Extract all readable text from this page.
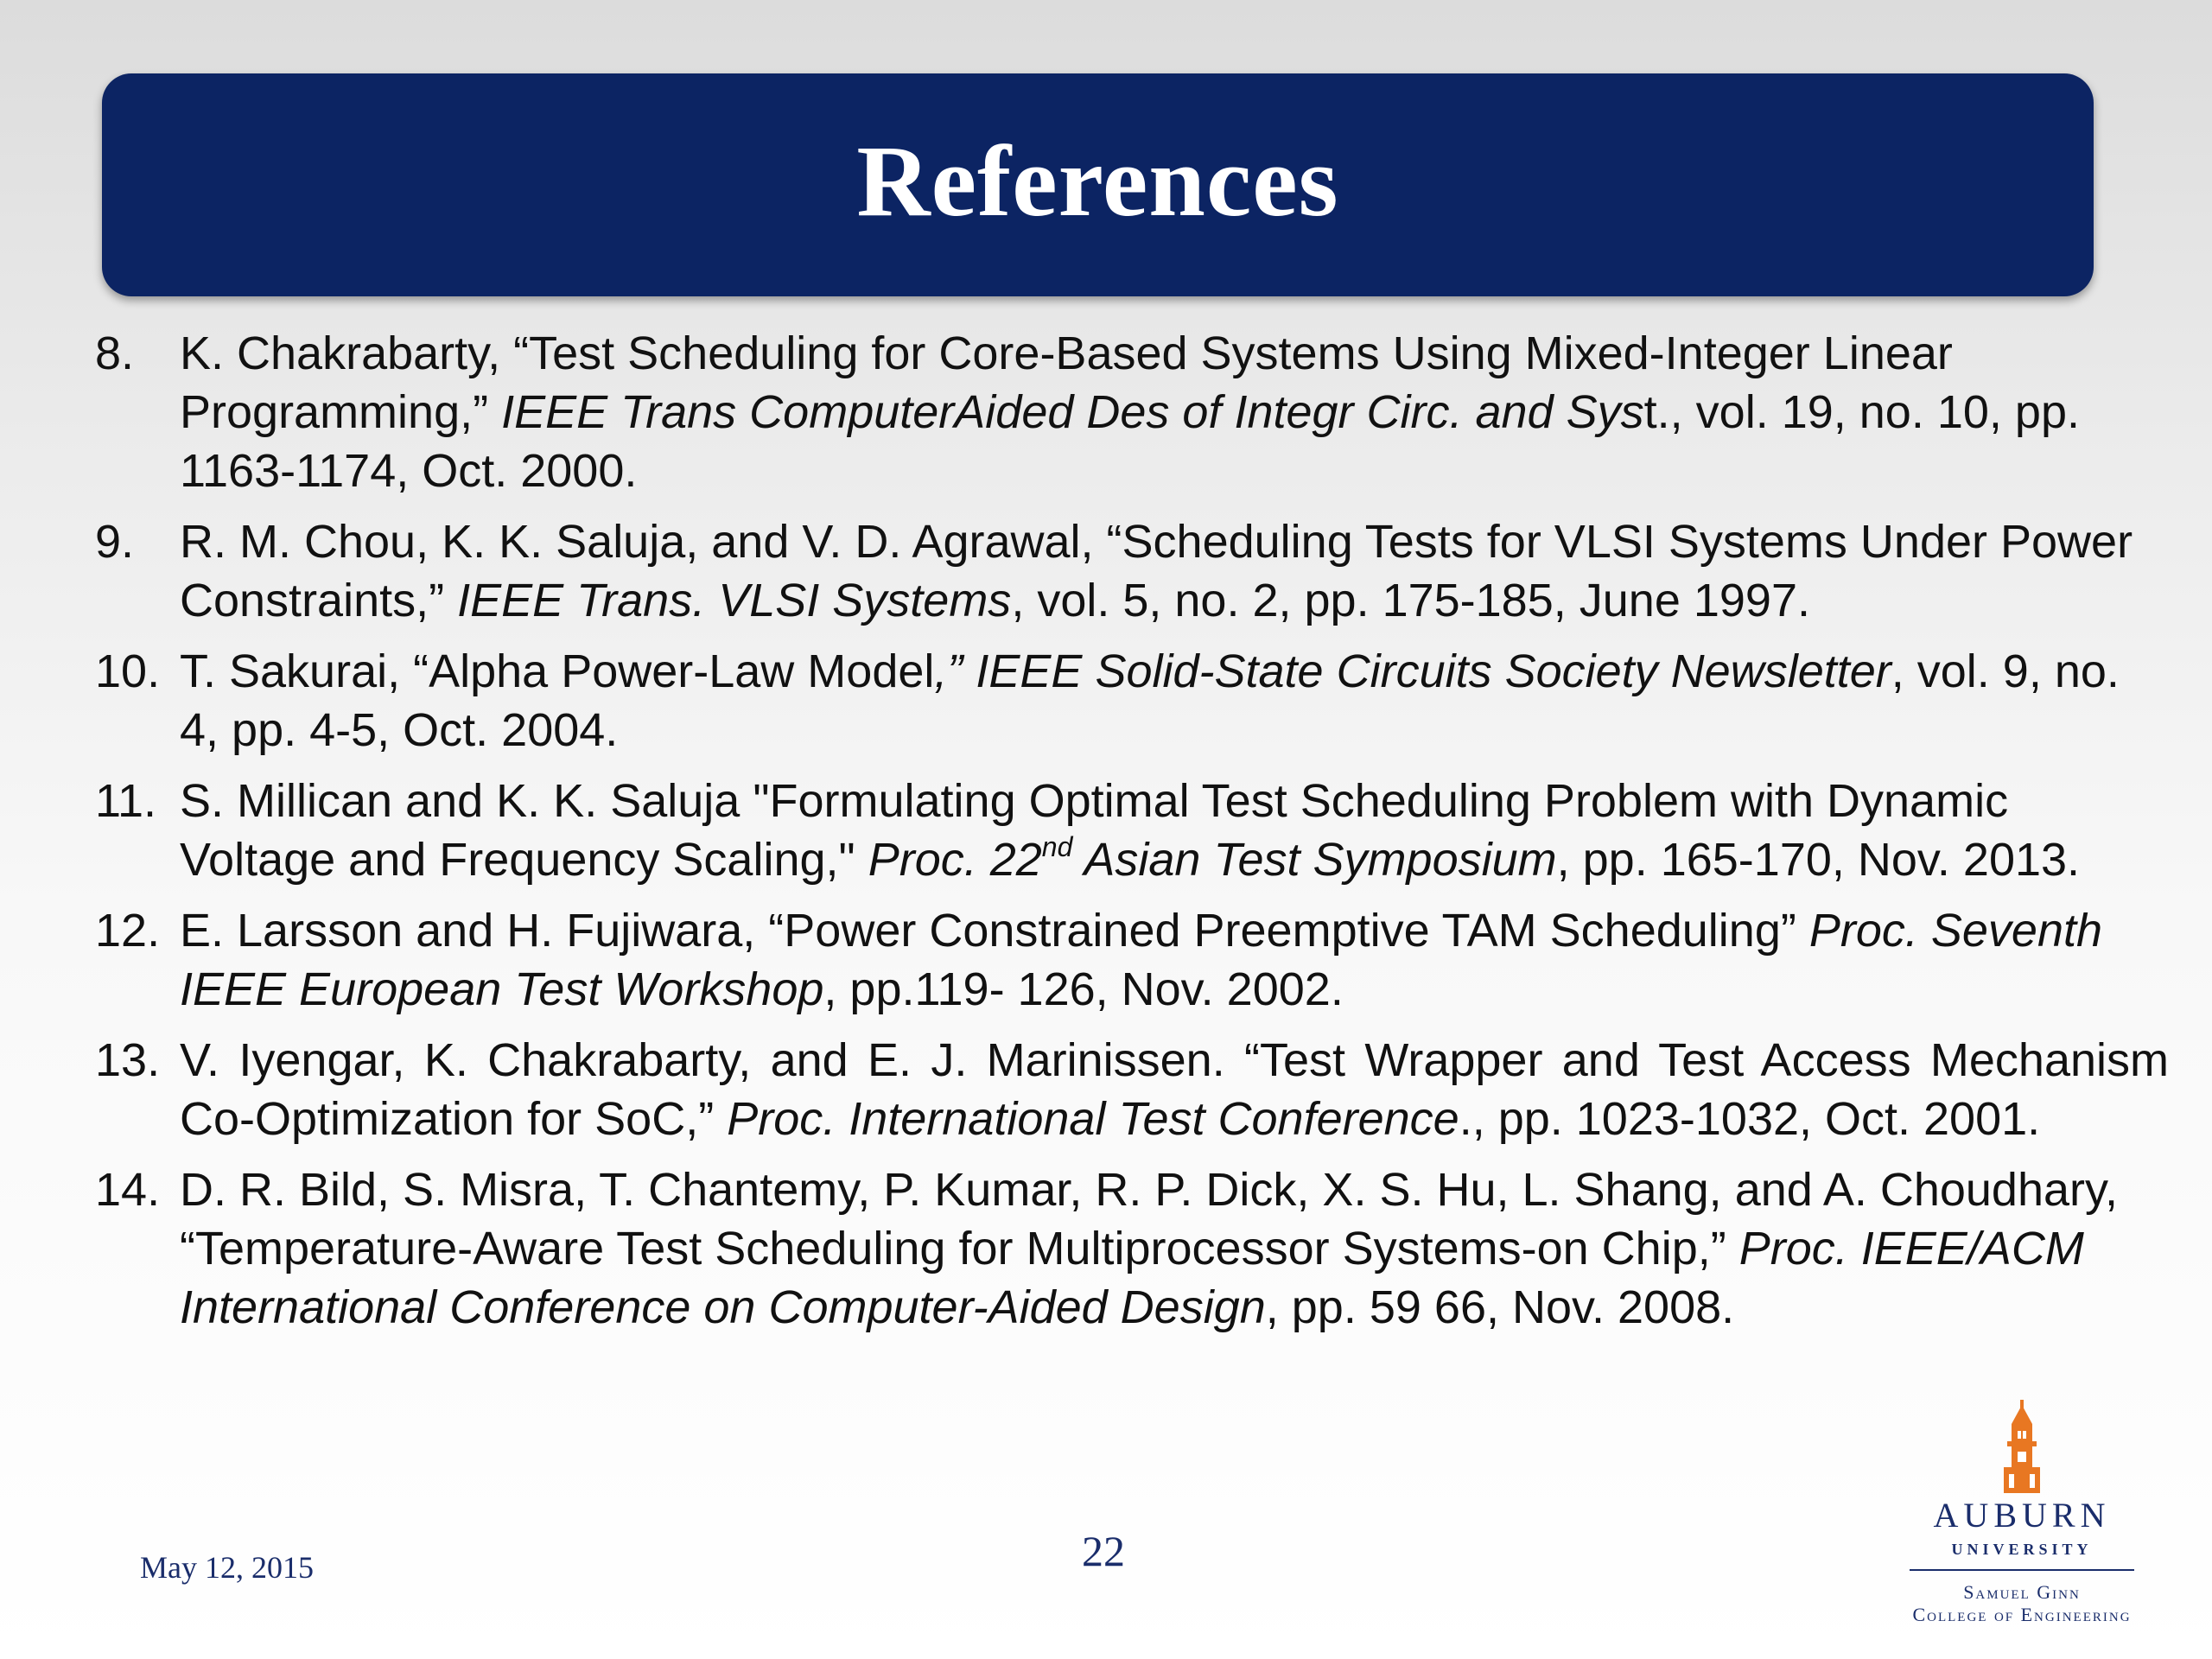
References
8. K. Chakrabarty, “Test Scheduling for Core-Based Systems Using Mixed-Integer Linear Programming,” IEEE Trans ComputerAided Des of Integr Circ. and Syst., vol. 19, no. 10, pp. 1163-1174, Oct. 2000.
9. R. M. Chou, K. K. Saluja, and V. D. Agrawal, “Scheduling Tests for VLSI Systems Under Power Constraints,” IEEE Trans. VLSI Systems, vol. 5, no. 2, pp. 175-185, June 1997.
10. T. Sakurai, “Alpha Power-Law Model,” IEEE Solid-State Circuits Society Newsletter, vol. 9, no. 4, pp. 4-5, Oct. 2004.
11. S. Millican and K. K. Saluja "Formulating Optimal Test Scheduling Problem with Dynamic Voltage and Frequency Scaling," Proc. 22nd Asian Test Symposium, pp. 165-170, Nov. 2013.
12. E. Larsson and H. Fujiwara, “Power Constrained Preemptive TAM Scheduling” Proc. Seventh IEEE European Test Workshop, pp.119- 126, Nov. 2002.
13. V. Iyengar, K. Chakrabarty, and E. J. Marinissen. “Test Wrapper and Test Access Mechanism Co-Optimization for SoC,” Proc. International Test Conference., pp. 1023-1032, Oct. 2001.
14. D. R. Bild, S. Misra, T. Chantemy, P. Kumar, R. P. Dick, X. S. Hu, L. Shang, and A. Choudhary, “Temperature-Aware Test Scheduling for Multiprocessor Systems-on Chip,” Proc. IEEE/ACM International Conference on Computer-Aided Design, pp. 59 66, Nov. 2008.
May 12, 2015	22
AUBURN
UNIVERSITY
Samuel Ginn
College of Engineering
